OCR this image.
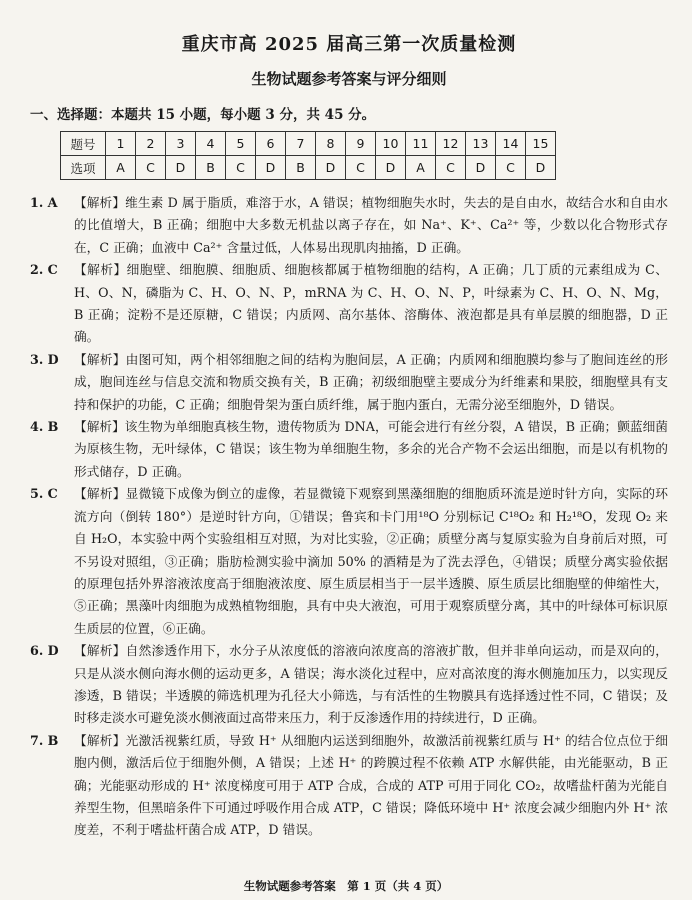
重庆市高 2025 届高三第一次质量检测

生物试题参考答案与评分细则

一、选择题：本题共 15 小题，每小题 3 分，共 45 分。

题号	1	2	3	4	5	6	7	8	9	10	11	12	13	14	15
选项	A	C	D	B	C	D	B	D	C	D	A	C	D	C	D
1. A	【解析】维生素 D 属于脂质，难溶于水，A 错误；植物细胞失水时，失去的是自由水，故结合水和自由水的比值增大，B 正确；细胞中大多数无机盐以离子存在，如 Na⁺、K⁺、Ca²⁺ 等，少数以化合物形式存在，C 正确；血液中 Ca²⁺ 含量过低，人体易出现肌肉抽搐，D 正确。
2. C	【解析】细胞壁、细胞膜、细胞质、细胞核都属于植物细胞的结构，A 正确；几丁质的元素组成为 C、H、O、N，磷脂为 C、H、O、N、P，mRNA 为 C、H、O、N、P，叶绿素为 C、H、O、N、Mg，B 正确；淀粉不是还原糖，C 错误；内质网、高尔基体、溶酶体、液泡都是具有单层膜的细胞器，D 正确。
3. D	【解析】由图可知，两个相邻细胞之间的结构为胞间层，A 正确；内质网和细胞膜均参与了胞间连丝的形成，胞间连丝与信息交流和物质交换有关，B 正确；初级细胞壁主要成分为纤维素和果胶，细胞壁具有支持和保护的功能，C 正确；细胞骨架为蛋白质纤维，属于胞内蛋白，无需分泌至细胞外，D 错误。
4. B	【解析】该生物为单细胞真核生物，遗传物质为 DNA，可能会进行有丝分裂，A 错误，B 正确；颤蓝细菌为原核生物，无叶绿体，C 错误；该生物为单细胞生物，多余的光合产物不会运出细胞，而是以有机物的形式储存，D 正确。
5. C	【解析】显微镜下成像为倒立的虚像，若显微镜下观察到黑藻细胞的细胞质环流是逆时针方向，实际的环流方向（倒转 180°）是逆时针方向，①错误；鲁宾和卡门用¹⁸O 分别标记 C¹⁸O₂ 和 H₂¹⁸O，发现 O₂ 来自 H₂O，本实验中两个实验组相互对照，为对比实验，②正确；质壁分离与复原实验为自身前后对照，可不另设对照组，③正确；脂肪检测实验中滴加 50% 的酒精是为了洗去浮色，④错误；质壁分离实验依据的原理包括外界溶液浓度高于细胞液浓度、原生质层相当于一层半透膜、原生质层比细胞壁的伸缩性大，⑤正确；黑藻叶肉细胞为成熟植物细胞，具有中央大液泡，可用于观察质壁分离，其中的叶绿体可标识原生质层的位置，⑥正确。
6. D	【解析】自然渗透作用下，水分子从浓度低的溶液向浓度高的溶液扩散，但并非单向运动，而是双向的，只是从淡水侧向海水侧的运动更多，A 错误；海水淡化过程中，应对高浓度的海水侧施加压力，以实现反渗透，B 错误；半透膜的筛选机理为孔径大小筛选，与有活性的生物膜具有选择透过性不同，C 错误；及时移走淡水可避免淡水侧液面过高带来压力，利于反渗透作用的持续进行，D 正确。
7. B	【解析】光激活视紫红质，导致 H⁺ 从细胞内运送到细胞外，故激活前视紫红质与 H⁺ 的结合位点位于细胞内侧，激活后位于细胞外侧，A 错误；上述 H⁺ 的跨膜过程不依赖 ATP 水解供能，由光能驱动，B 正确；光能驱动形成的 H⁺ 浓度梯度可用于 ATP 合成，合成的 ATP 可用于同化 CO₂，故嗜盐杆菌为光能自养型生物，但黑暗条件下可通过呼吸作用合成 ATP，C 错误；降低环境中 H⁺ 浓度会减少细胞内外 H⁺ 浓度差，不利于嗜盐杆菌合成 ATP，D 错误。
生物试题参考答案　第 1 页（共 4 页）
